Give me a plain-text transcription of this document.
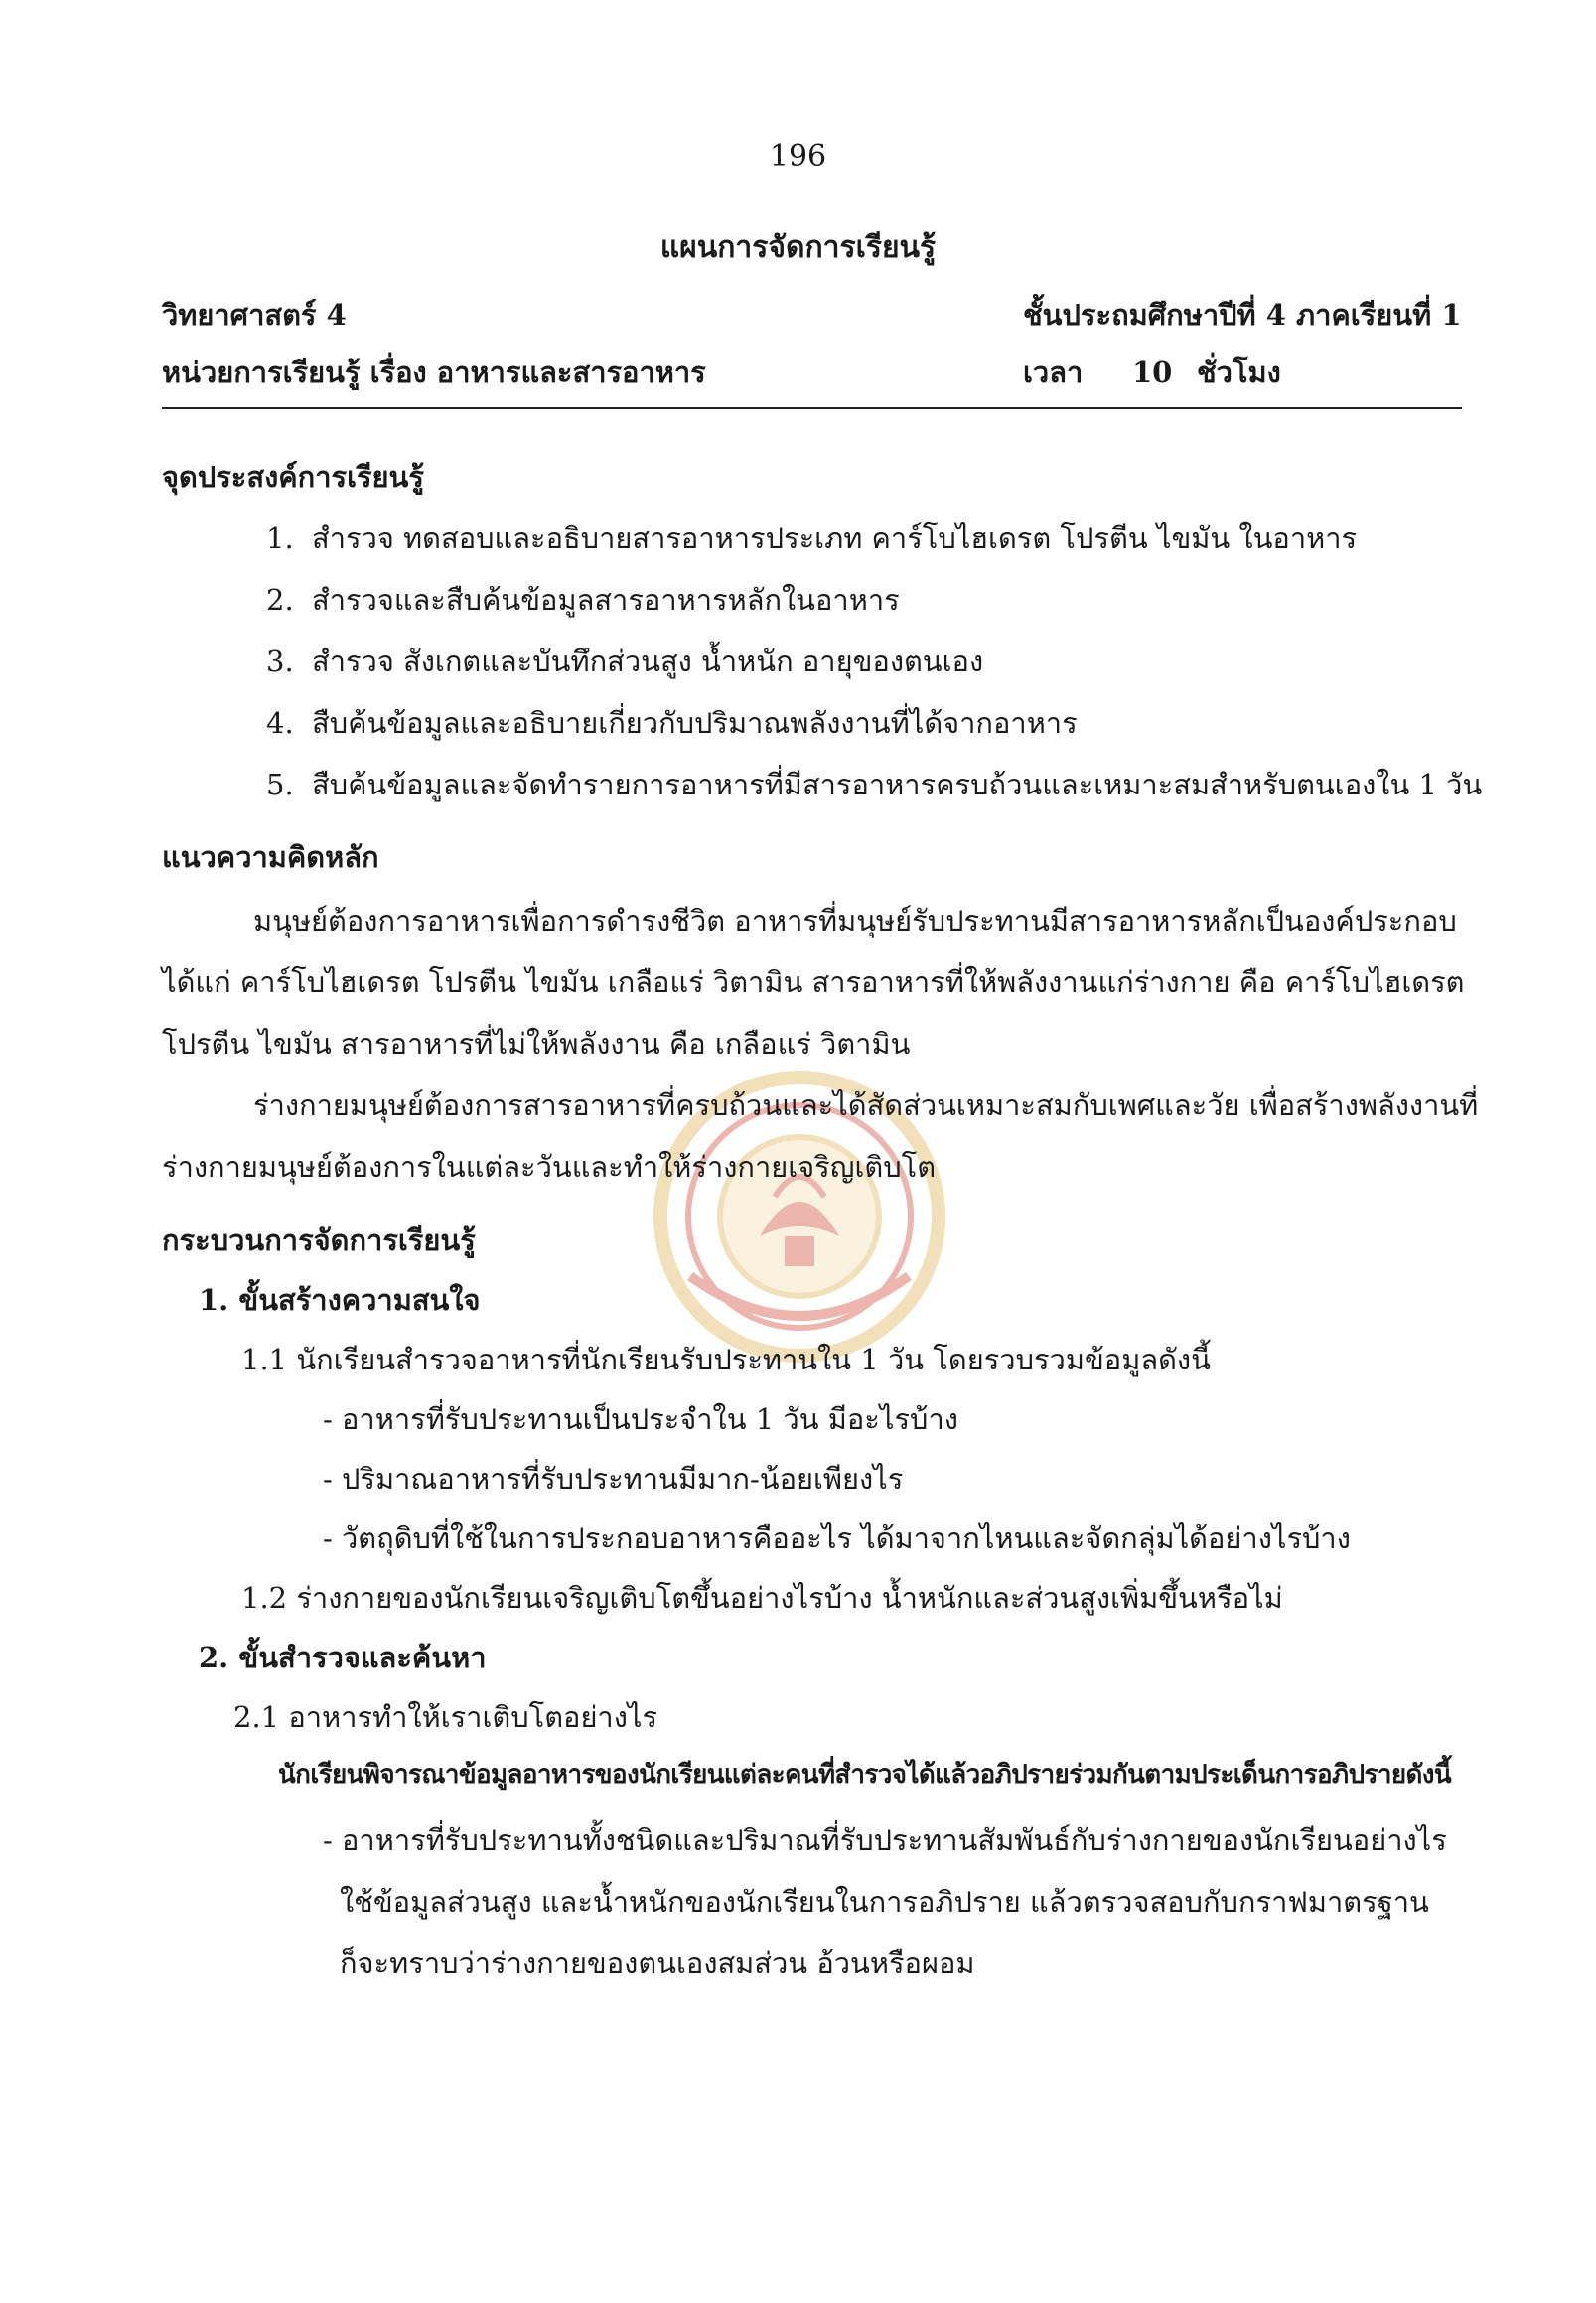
196
แผนการจัดการเรียนรู้
วิทยาศาสตร์ 4	ชั้นประถมศึกษาปีที่ 4 ภาคเรียนที่ 1
หน่วยการเรียนรู้ เรื่อง อาหารและสารอาหาร	เวลา 10 ชั่วโมง
จุดประสงค์การเรียนรู้
1. สำรวจ ทดสอบและอธิบายสารอาหารประเภท คาร์โบไฮเดรต โปรตีน ไขมัน ในอาหาร
2. สำรวจและสืบค้นข้อมูลสารอาหารหลักในอาหาร
3. สำรวจ สังเกตและบันทึกส่วนสูง น้ำหนัก อายุของตนเอง
4. สืบค้นข้อมูลและอธิบายเกี่ยวกับปริมาณพลังงานที่ได้จากอาหาร
5. สืบค้นข้อมูลและจัดทำรายการอาหารที่มีสารอาหารครบถ้วนและเหมาะสมสำหรับตนเองใน 1 วัน
แนวความคิดหลัก
มนุษย์ต้องการอาหารเพื่อการดำรงชีวิต อาหารที่มนุษย์รับประทานมีสารอาหารหลักเป็นองค์ประกอบ
ได้แก่ คาร์โบไฮเดรต โปรตีน ไขมัน เกลือแร่ วิตามิน สารอาหารที่ให้พลังงานแก่ร่างกาย คือ คาร์โบไฮเดรต
โปรตีน ไขมัน สารอาหารที่ไม่ให้พลังงาน คือ เกลือแร่ วิตามิน
ร่างกายมนุษย์ต้องการสารอาหารที่ครบถ้วนและได้สัดส่วนเหมาะสมกับเพศและวัย เพื่อสร้างพลังงานที่
ร่างกายมนุษย์ต้องการในแต่ละวันและทำให้ร่างกายเจริญเติบโต
กระบวนการจัดการเรียนรู้
1. ขั้นสร้างความสนใจ
1.1 นักเรียนสำรวจอาหารที่นักเรียนรับประทานใน 1 วัน โดยรวบรวมข้อมูลดังนี้
- อาหารที่รับประทานเป็นประจำใน 1 วัน มีอะไรบ้าง
- ปริมาณอาหารที่รับประทานมีมาก-น้อยเพียงไร
- วัตถุดิบที่ใช้ในการประกอบอาหารคืออะไร ได้มาจากไหนและจัดกลุ่มได้อย่างไรบ้าง
1.2 ร่างกายของนักเรียนเจริญเติบโตขึ้นอย่างไรบ้าง น้ำหนักและส่วนสูงเพิ่มขึ้นหรือไม่
2. ขั้นสำรวจและค้นหา
2.1 อาหารทำให้เราเติบโตอย่างไร
นักเรียนพิจารณาข้อมูลอาหารของนักเรียนแต่ละคนที่สำรวจได้แล้วอภิปรายร่วมกันตามประเด็นการอภิปรายดังนี้
- อาหารที่รับประทานทั้งชนิดและปริมาณที่รับประทานสัมพันธ์กับร่างกายของนักเรียนอย่างไร
ใช้ข้อมูลส่วนสูง และน้ำหนักของนักเรียนในการอภิปราย แล้วตรวจสอบกับกราฟมาตรฐาน
ก็จะทราบว่าร่างกายของตนเองสมส่วน อ้วนหรือผอม
